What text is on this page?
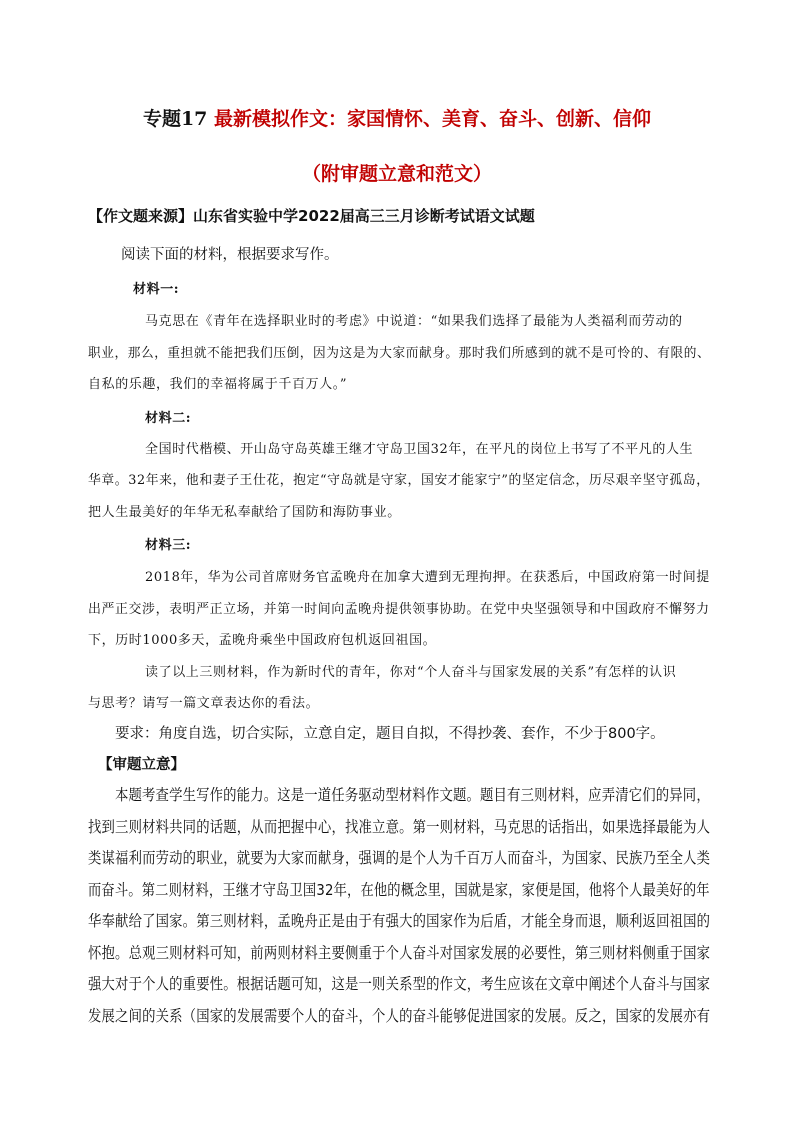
专题17 最新模拟作文：家国情怀、美育、奋斗、创新、信仰
（附审题立意和范文）
【作文题来源】山东省实验中学2022届高三三月诊断考试语文试题
阅读下面的材料，根据要求写作。
材料一:
马克思在《青年在选择职业时的考虑》中说道：“如果我们选择了最能为人类福利而劳动的
职业，那么，重担就不能把我们压倒，因为这是为大家而献身。那时我们所感到的就不是可怜的、有限的、
自私的乐趣，我们的幸福将属于千百万人。”
材料二:
全国时代楷模、开山岛守岛英雄王继才守岛卫国32年，在平凡的岗位上书写了不平凡的人生
华章。32年来，他和妻子王仕花，抱定“守岛就是守家，国安才能家宁”的坚定信念，历尽艰辛坚守孤岛，
把人生最美好的年华无私奉献给了国防和海防事业。
材料三:
2018年，华为公司首席财务官孟晚舟在加拿大遭到无理拘押。在获悉后，中国政府第一时间提
出严正交涉，表明严正立场，并第一时间向孟晚舟提供领事协助。在党中央坚强领导和中国政府不懈努力
下，历时1000多天，孟晚舟乘坐中国政府包机返回祖国。
读了以上三则材料，作为新时代的青年，你对“个人奋斗与国家发展的关系”有怎样的认识
与思考？请写一篇文章表达你的看法。
要求：角度自选，切合实际，立意自定，题目自拟，不得抄袭、套作，不少于800字。
【审题立意】
本题考查学生写作的能力。这是一道任务驱动型材料作文题。题目有三则材料，应弄清它们的异同，
找到三则材料共同的话题，从而把握中心，找准立意。第一则材料，马克思的话指出，如果选择最能为人
类谋福利而劳动的职业，就要为大家而献身，强调的是个人为千百万人而奋斗，为国家、民族乃至全人类
而奋斗。第二则材料，王继才守岛卫国32年，在他的概念里，国就是家，家便是国，他将个人最美好的年
华奉献给了国家。第三则材料，孟晚舟正是由于有强大的国家作为后盾，才能全身而退，顺利返回祖国的
怀抱。总观三则材料可知，前两则材料主要侧重于个人奋斗对国家发展的必要性，第三则材料侧重于国家
强大对于个人的重要性。根据话题可知，这是一则关系型的作文，考生应该在文章中阐述个人奋斗与国家
发展之间的关系（国家的发展需要个人的奋斗，个人的奋斗能够促进国家的发展。反之，国家的发展亦有
